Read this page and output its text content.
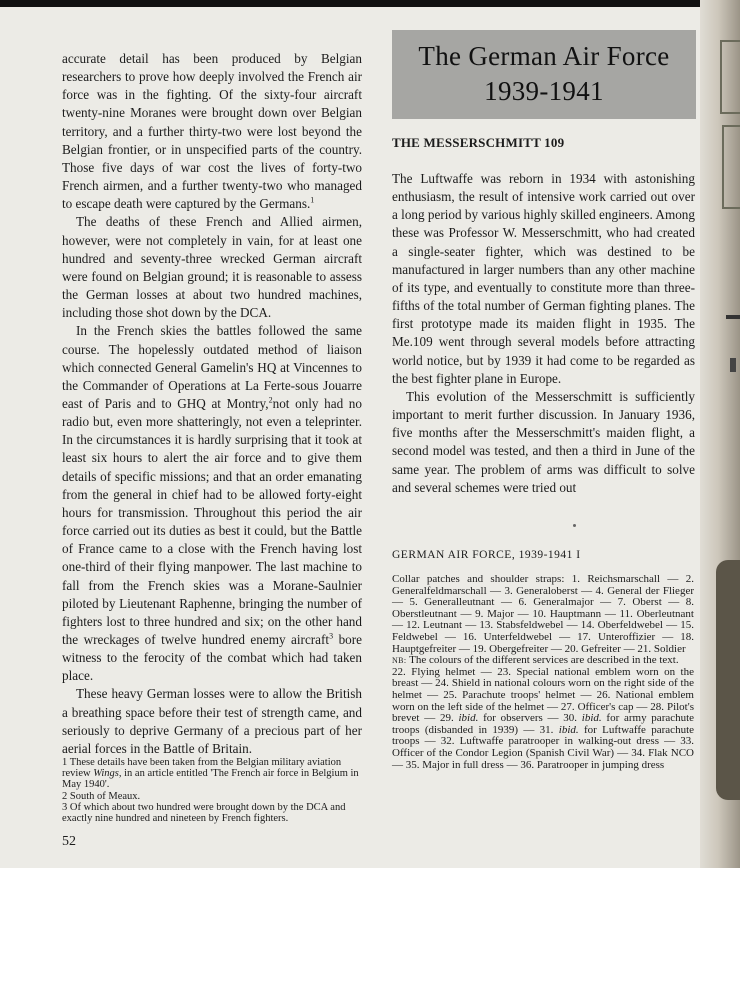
accurate detail has been produced by Belgian researchers to prove how deeply involved the French air force was in the fighting. Of the sixty-four aircraft twenty-nine Moranes were brought down over Belgian territory, and a further thirty-two were lost beyond the Belgian frontier, or in unspecified parts of the country. Those five days of war cost the lives of forty-two French airmen, and a further twenty-two who managed to escape death were captured by the Germans.$^1$

The deaths of these French and Allied airmen, however, were not completely in vain, for at least one hundred and seventy-three wrecked German aircraft were found on Belgian ground; it is reasonable to assess the German losses at about two hundred machines, including those shot down by the DCA.

In the French skies the battles followed the same course. The hopelessly outdated method of liaison which connected General Gamelin's HQ at Vincennes to the Commander of Operations at La Ferte-sous Jouarre east of Paris and to GHQ at Montry,$^2$not only had no radio but, even more shatteringly, not even a teleprinter. In the circumstances it is hardly surprising that it took at least six hours to alert the air force and to give them details of specific missions; and that an order emanating from the general in chief had to be allowed forty-eight hours for transmission. Throughout this period the air force carried out its duties as best it could, but the Battle of France came to a close with the French having lost one-third of their flying manpower. The last machine to fall from the French skies was a Morane-Saulnier piloted by Lieutenant Raphenne, bringing the number of fighters lost to three hundred and six; on the other hand the wreckages of twelve hundred enemy aircraft$^3$ bore witness to the ferocity of the combat which had taken place.

These heavy German losses were to allow the British a breathing space before their test of strength came, and seriously to deprive Germany of a precious part of her aerial forces in the Battle of Britain.

1 These details have been taken from the Belgian military aviation review Wings, in an article entitled 'The French air force in Belgium in May 1940'.

2 South of Meaux.

3 Of which about two hundred were brought down by the DCA and exactly nine hundred and nineteen by French fighters.

52
The German Air Force
1939-1941
THE MESSERSCHMITT 109

The Luftwaffe was reborn in 1934 with astonishing enthusiasm, the result of intensive work carried out over a long period by various highly skilled engineers. Among these was Professor W. Messerschmitt, who had created a single-seater fighter, which was destined to be manufactured in larger numbers than any other machine of its type, and eventually to constitute more than three-fifths of the total number of German fighting planes. The first prototype made its maiden flight in 1935. The Me.109 went through several models before attracting world notice, but by 1939 it had come to be regarded as the best fighter plane in Europe.

This evolution of the Messerschmitt is sufficiently important to merit further discussion. In January 1936, five months after the Messerschmitt's maiden flight, a second model was tested, and then a third in June of the same year. The problem of arms was difficult to solve and several schemes were tried out

GERMAN AIR FORCE, 1939-1941 I

Collar patches and shoulder straps: 1. Reichsmarschall — 2. Generalfeldmarschall — 3. Generaloberst — 4. General der Flieger — 5. Generalleutnant — 6. Generalmajor — 7. Oberst — 8. Oberstleutnant — 9. Major — 10. Hauptmann — 11. Oberleutnant — 12. Leutnant — 13. Stabsfeldwebel — 14. Oberfeldwebel — 15. Feldwebel — 16. Unterfeldwebel — 17. Unteroffizier — 18. Hauptgefreiter — 19. Obergefreiter — 20. Gefreiter — 21. Soldier

NB: The colours of the different services are described in the text.

22. Flying helmet — 23. Special national emblem worn on the breast — 24. Shield in national colours worn on the right side of the helmet — 25. Parachute troops' helmet — 26. National emblem worn on the left side of the helmet — 27. Officer's cap — 28. Pilot's brevet — 29. ibid. for observers — 30. ibid. for army parachute troops (disbanded in 1939) — 31. ibid. for Luftwaffe parachute troops — 32. Luftwaffe paratrooper in walking-out dress — 33. Officer of the Condor Legion (Spanish Civil War) — 34. Flak NCO — 35. Major in full dress — 36. Paratrooper in jumping dress
